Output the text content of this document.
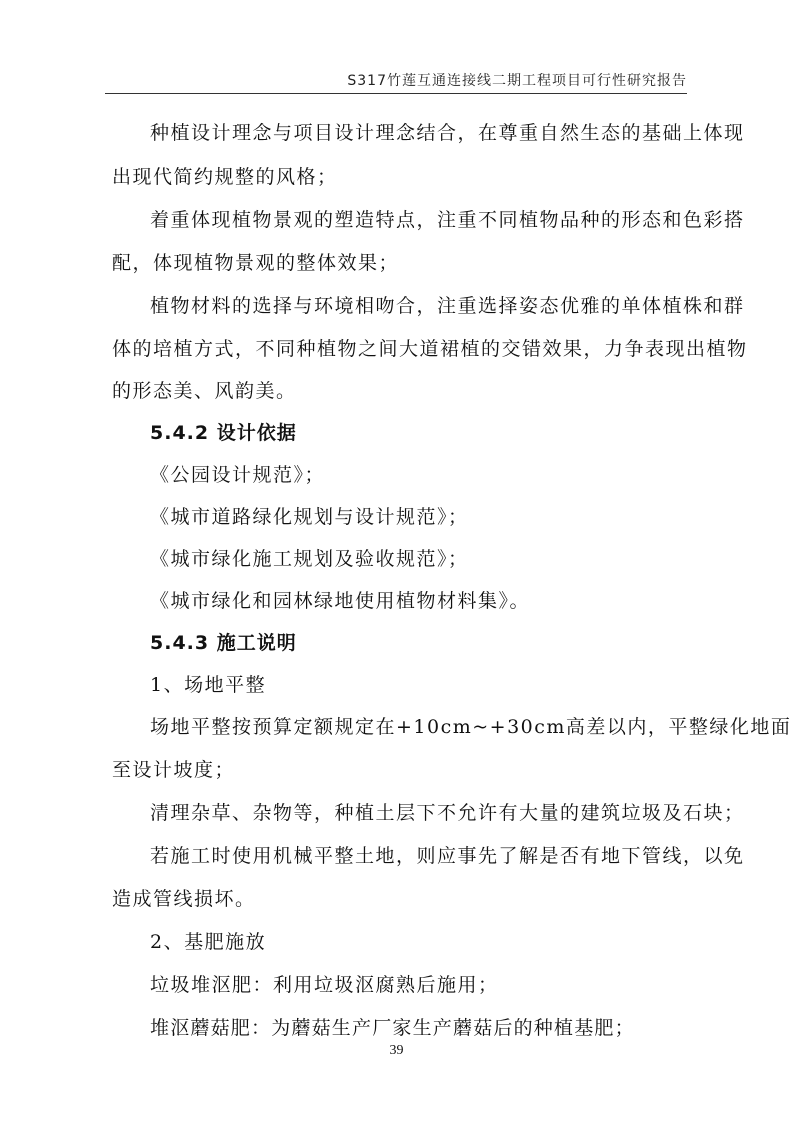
S317竹莲互通连接线二期工程项目可行性研究报告
种植设计理念与项目设计理念结合，在尊重自然生态的基础上体现
出现代简约规整的风格；
着重体现植物景观的塑造特点，注重不同植物品种的形态和色彩搭
配，体现植物景观的整体效果；
植物材料的选择与环境相吻合，注重选择姿态优雅的单体植株和群
体的培植方式，不同种植物之间大道裙植的交错效果，力争表现出植物
的形态美、风韵美。
5.4.2 设计依据
《公园设计规范》；
《城市道路绿化规划与设计规范》；
《城市绿化施工规划及验收规范》；
《城市绿化和园林绿地使用植物材料集》。
5.4.3 施工说明
1、场地平整
场地平整按预算定额规定在+10cm~+30cm高差以内，平整绿化地面
至设计坡度；
清理杂草、杂物等，种植土层下不允许有大量的建筑垃圾及石块；
若施工时使用机械平整土地，则应事先了解是否有地下管线，以免
造成管线损坏。
2、基肥施放
垃圾堆沤肥：利用垃圾沤腐熟后施用；
堆沤蘑菇肥：为蘑菇生产厂家生产蘑菇后的种植基肥；
39
